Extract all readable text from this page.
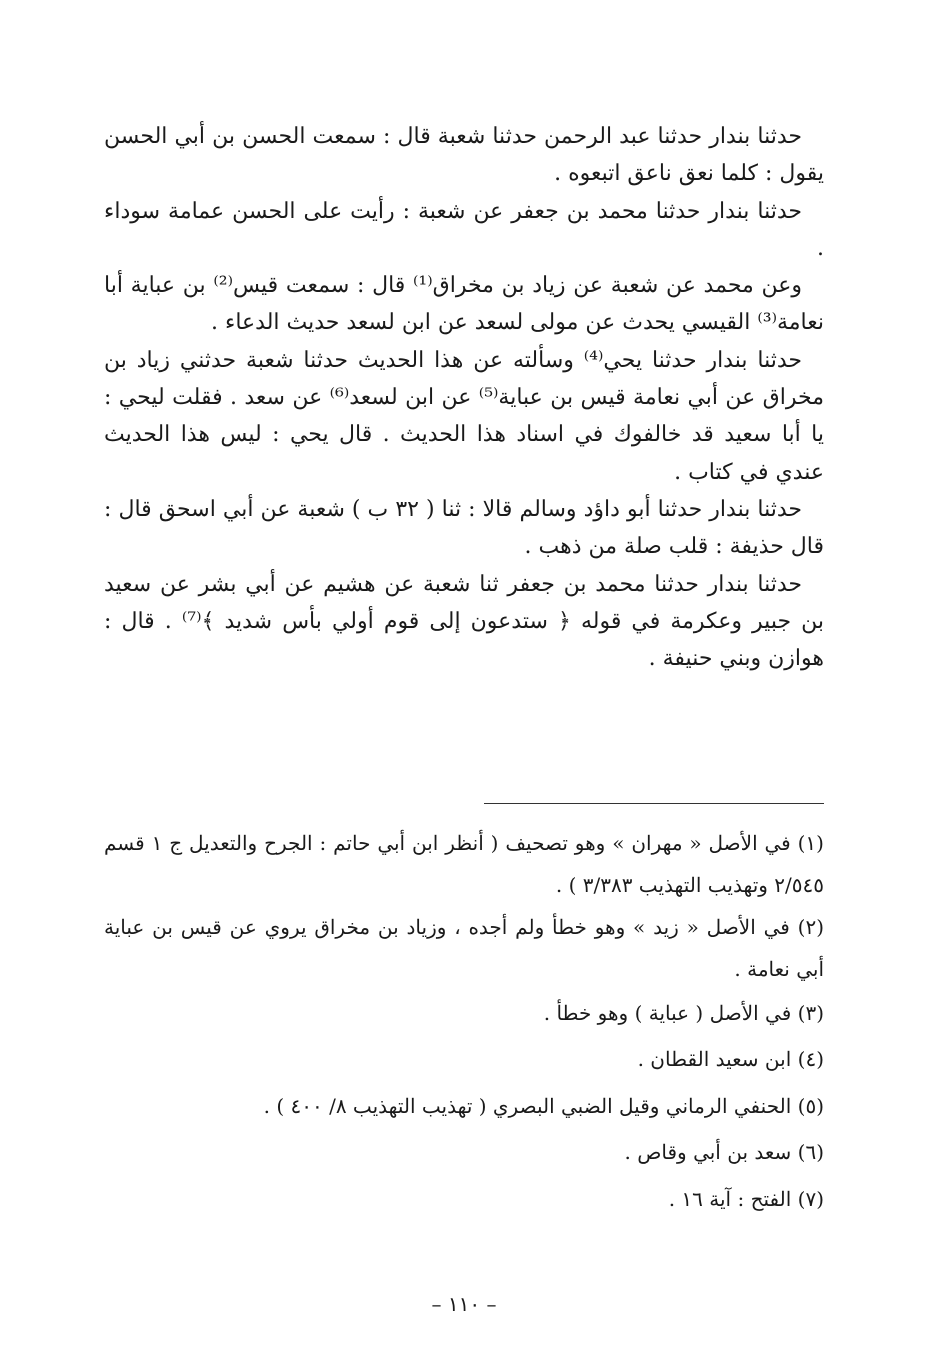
حدثنا بندار حدثنا عبد الرحمن حدثنا شعبة قال : سمعت الحسن بن أبي الحسن يقول : كلما نعق ناعق اتبعوه .

حدثنا بندار حدثنا محمد بن جعفر عن شعبة : رأيت على الحسن عمامة سوداء .

وعن محمد عن شعبة عن زياد بن مخراق⁽¹⁾ قال : سمعت قيس⁽²⁾ بن عباية أبا نعامة⁽³⁾ القيسي يحدث عن مولى لسعد عن ابن لسعد حديث الدعاء .

حدثنا بندار حدثنا يحي⁽⁴⁾ وسألته عن هذا الحديث حدثنا شعبة حدثني زياد بن مخراق عن أبي نعامة قيس بن عباية⁽⁵⁾ عن ابن لسعد⁽⁶⁾ عن سعد . فقلت ليحي : يا أبا سعيد قد خالفوك في اسناد هذا الحديث . قال يحي : ليس هذا الحديث عندي في كتاب .

حدثنا بندار حدثنا أبو داؤد وسالم قالا : ثنا ( ٣٢ ب ) شعبة عن أبي اسحق قال : قال حذيفة : قلب صلة من ذهب .

حدثنا بندار حدثنا محمد بن جعفر ثنا شعبة عن هشيم عن أبي بشر عن سعيد بن جبير وعكرمة في قوله ﴿ ستدعون إلى قوم أولي بأس شديد ﴾⁽⁷⁾ . قال : هوازن وبني حنيفة .

(١) في الأصل « مهران » وهو تصحيف ( أنظر ابن أبي حاتم : الجرح والتعديل ج ١ قسم ٢/٥٤٥ وتهذيب التهذيب ٣/٣٨٣ ) .

(٢) في الأصل « زيد » وهو خطأ ولم أجده ، وزياد بن مخراق يروي عن قيس بن عباية أبي نعامة .

(٣) في الأصل ( عباية ) وهو خطأ .

(٤) ابن سعيد القطان .

(٥) الحنفي الرماني وقيل الضبي البصري ( تهذيب التهذيب ٨/ ٤٠٠ ) .

(٦) سعد بن أبي وقاص .

(٧) الفتح : آية ١٦ .

– ١١٠ –
